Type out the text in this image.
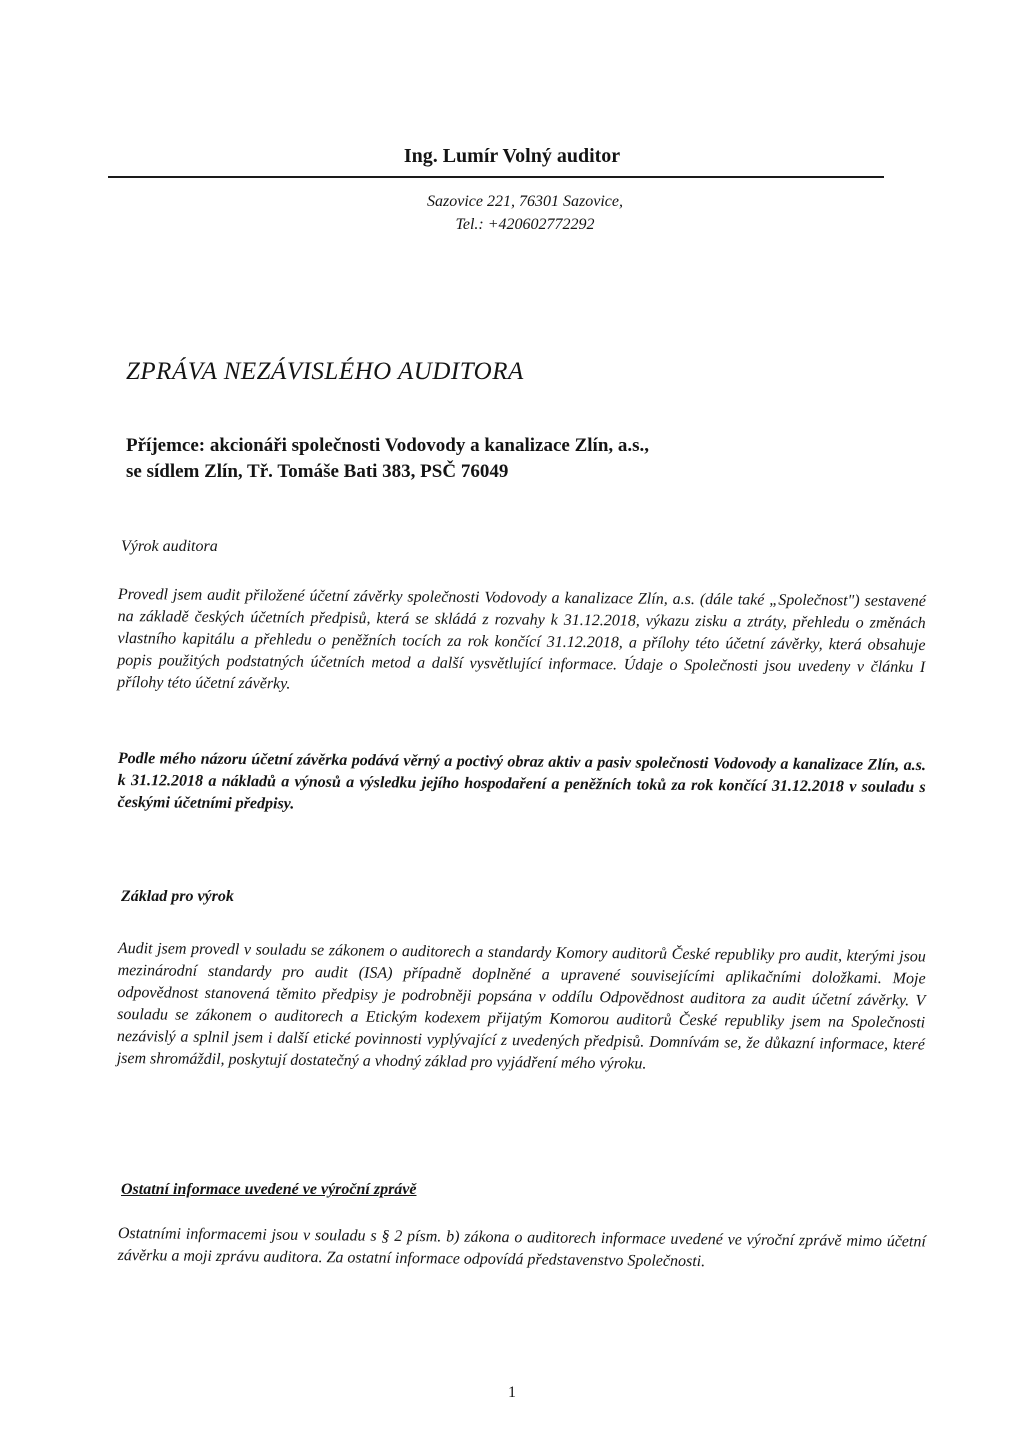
Ing. Lumír Volný auditor
Sazovice 221, 76301 Sazovice,
Tel.: +420602772292
ZPRÁVA NEZÁVISLÉHO AUDITORA
Příjemce: akcionáři společnosti Vodovody a kanalizace Zlín, a.s.,
se sídlem Zlín, Tř. Tomáše Bati 383, PSČ 76049
Výrok auditora
Provedl jsem audit přiložené účetní závěrky společnosti Vodovody a kanalizace Zlín, a.s. (dále také „Společnost") sestavené na základě českých účetních předpisů, která se skládá z rozvahy k 31.12.2018, výkazu zisku a ztráty, přehledu o změnách vlastního kapitálu a přehledu o peněžních tocích za rok končící 31.12.2018, a přílohy této účetní závěrky, která obsahuje popis použitých podstatných účetních metod a další vysvětlující informace. Údaje o Společnosti jsou uvedeny v článku I přílohy této účetní závěrky.
Podle mého názoru účetní závěrka podává věrný a poctivý obraz aktiv a pasiv společnosti Vodovody a kanalizace Zlín, a.s. k 31.12.2018 a nákladů a výnosů a výsledku jejího hospodaření a peněžních toků za rok končící 31.12.2018 v souladu s českými účetními předpisy.
Základ pro výrok
Audit jsem provedl v souladu se zákonem o auditorech a standardy Komory auditorů České republiky pro audit, kterými jsou mezinárodní standardy pro audit (ISA) případně doplněné a upravené souvisejícími aplikačními doložkami. Moje odpovědnost stanovená těmito předpisy je podrobněji popsána v oddílu Odpovědnost auditora za audit účetní závěrky. V souladu se zákonem o auditorech a Etickým kodexem přijatým Komorou auditorů České republiky jsem na Společnosti nezávislý a splnil jsem i další etické povinnosti vyplývající z uvedených předpisů. Domnívám se, že důkazní informace, které jsem shromáždil, poskytují dostatečný a vhodný základ pro vyjádření mého výroku.
Ostatní informace uvedené ve výroční zprávě
Ostatními informacemi jsou v souladu s § 2 písm. b) zákona o auditorech informace uvedené ve výroční zprávě mimo účetní závěrku a moji zprávu auditora. Za ostatní informace odpovídá představenstvo Společnosti.
1
